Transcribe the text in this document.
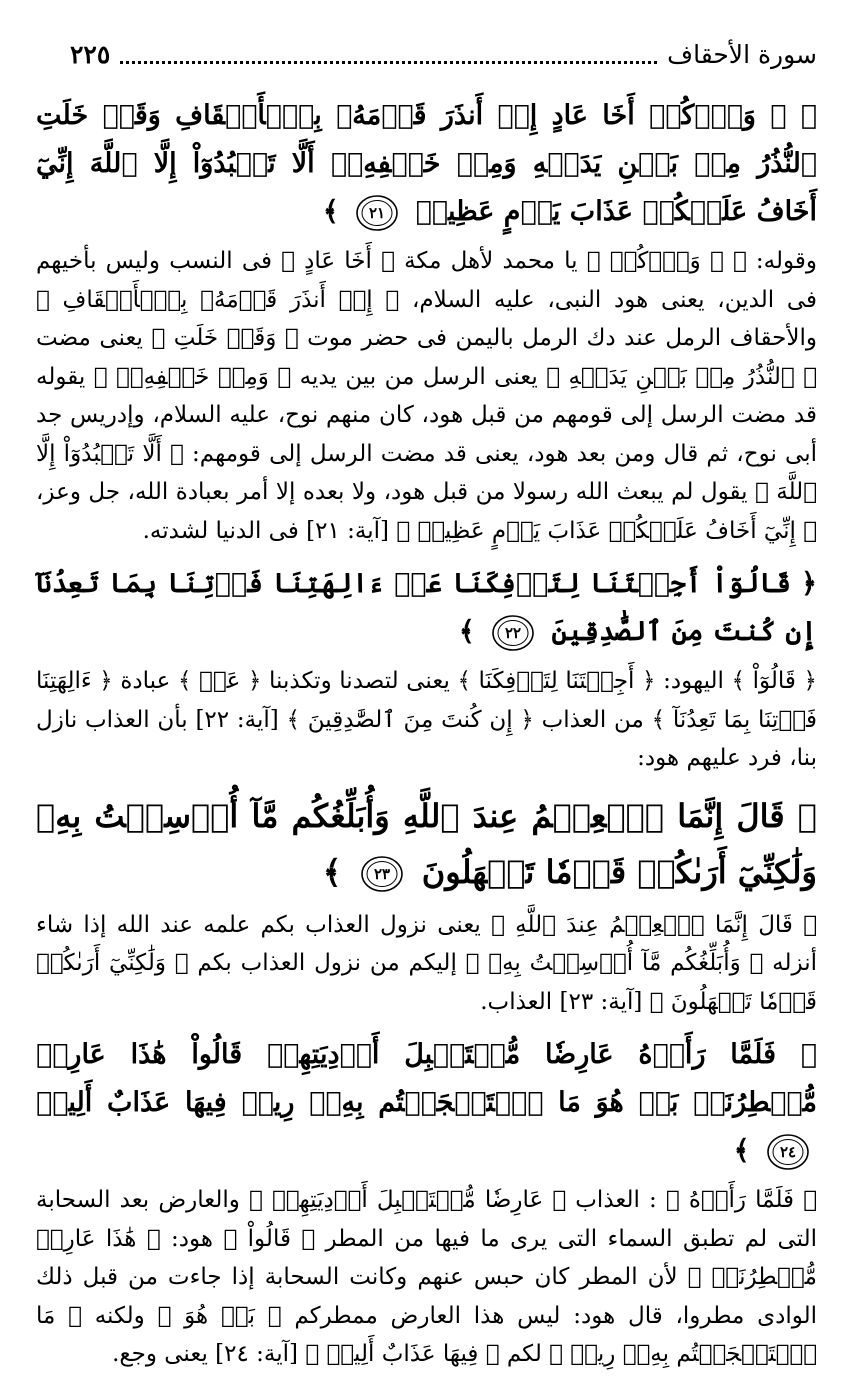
سورة الأحقاف
٢٢٥

﴿ ۞ وَٱذۡكُرۡ أَخَا عَادٍ إِذۡ أَنذَرَ قَوۡمَهُۥ بِٱلۡأَحۡقَافِ وَقَدۡ خَلَتِ ٱلنُّذُرُ مِنۢ بَيۡنِ يَدَيۡهِ وَمِنۡ خَلۡفِهِۦٓ أَلَّا تَعۡبُدُوٓاْ إِلَّا ٱللَّهَ إِنِّيٓ أَخَافُ عَلَيۡكُمۡ عَذَابَ يَوۡمٍ عَظِيمٖ
٢١
﴾

وقوله: ﴿ ۞ وَٱذۡكُرۡ ﴾ يا محمد لأهل مكة ﴿ أَخَا عَادٍ ﴾ فى النسب وليس بأخيهم فى الدين، يعنى هود النبى، عليه السلام، ﴿ إِذۡ أَنذَرَ قَوۡمَهُۥ بِٱلۡأَحۡقَافِ ﴾ والأحقاف الرمل عند دك الرمل باليمن فى حضر موت ﴿ وَقَدۡ خَلَتِ ﴾ يعنى مضت ﴿ ٱلنُّذُرُ مِنۢ بَيۡنِ يَدَيۡهِ ﴾ يعنى الرسل من بين يديه ﴿ وَمِنۡ خَلۡفِهِۦٓ ﴾ يقوله قد مضت الرسل إلى قومهم من قبل هود، كان منهم نوح، عليه السلام، وإدريس جد أبى نوح، ثم قال ومن بعد هود، يعنى قد مضت الرسل إلى قومهم: ﴿ أَلَّا تَعۡبُدُوٓاْ إِلَّا ٱللَّهَ ﴾ يقول لم يبعث الله رسولا من قبل هود، ولا بعده إلا أمر بعبادة الله، جل وعز، ﴿ إِنِّيٓ أَخَافُ عَلَيۡكُمۡ عَذَابَ يَوۡمٍ عَظِيمٖ ﴾ [آية: ٢١] فى الدنيا لشدته.

﴿ قَالُوٓاْ أَجِئۡتَنَا لِتَأۡفِكَنَا عَنۡ ءَالِهَتِنَا فَأۡتِنَا بِمَا تَعِدُنَآ إِن كُنتَ مِنَ ٱلصَّٰدِقِينَ
٢٢
﴾

﴿ قَالُوٓاْ ﴾ اليهود: ﴿ أَجِئۡتَنَا لِتَأۡفِكَنَا ﴾ يعنى لتصدنا وتكذبنا ﴿ عَنۡ ﴾ عبادة ﴿ ءَالِهَتِنَا فَأۡتِنَا بِمَا تَعِدُنَآ ﴾ من العذاب ﴿ إِن كُنتَ مِنَ ٱلصَّٰدِقِينَ ﴾ [آية: ٢٢] بأن العذاب نازل بنا، فرد عليهم هود:

﴿ قَالَ إِنَّمَا ٱلۡعِلۡمُ عِندَ ٱللَّهِ وَأُبَلِّغُكُم مَّآ أُرۡسِلۡتُ بِهِۦ وَلَٰكِنِّيٓ أَرَىٰكُمۡ قَوۡمٗا تَجۡهَلُونَ
٢٣
﴾

﴿ قَالَ إِنَّمَا ٱلۡعِلۡمُ عِندَ ٱللَّهِ ﴾ يعنى نزول العذاب بكم علمه عند الله إذا شاء أنزله ﴿ وَأُبَلِّغُكُم مَّآ أُرۡسِلۡتُ بِهِۦ ﴾ إليكم من نزول العذاب بكم ﴿ وَلَٰكِنِّيٓ أَرَىٰكُمۡ قَوۡمٗا تَجۡهَلُونَ ﴾ [آية: ٢٣] العذاب.

﴿ فَلَمَّا رَأَوۡهُ عَارِضٗا مُّسۡتَقۡبِلَ أَوۡدِيَتِهِمۡ قَالُواْ هَٰذَا عَارِضٞ مُّمۡطِرُنَاۚ بَلۡ هُوَ مَا ٱسۡتَعۡجَلۡتُم بِهِۦۖ رِيحٞ فِيهَا عَذَابٌ أَلِيمٞ
٢٤
﴾

﴿ فَلَمَّا رَأَوۡهُ ﴾ : العذاب ﴿ عَارِضٗا مُّسۡتَقۡبِلَ أَوۡدِيَتِهِمۡ ﴾ والعارض بعد السحابة التى لم تطبق السماء التى يرى ما فيها من المطر ﴿ قَالُواْ ﴾ هود: ﴿ هَٰذَا عَارِضٞ مُّمۡطِرُنَاۚ ﴾ لأن المطر كان حبس عنهم وكانت السحابة إذا جاءت من قبل ذلك الوادى مطروا، قال هود: ليس هذا العارض ممطركم ﴿ بَلۡ هُوَ ﴾ ولكنه ﴿ مَا ٱسۡتَعۡجَلۡتُم بِهِۦۖ رِيحٞ ﴾ لكم ﴿ فِيهَا عَذَابٌ أَلِيمٞ ﴾ [آية: ٢٤] يعنى وجع.
